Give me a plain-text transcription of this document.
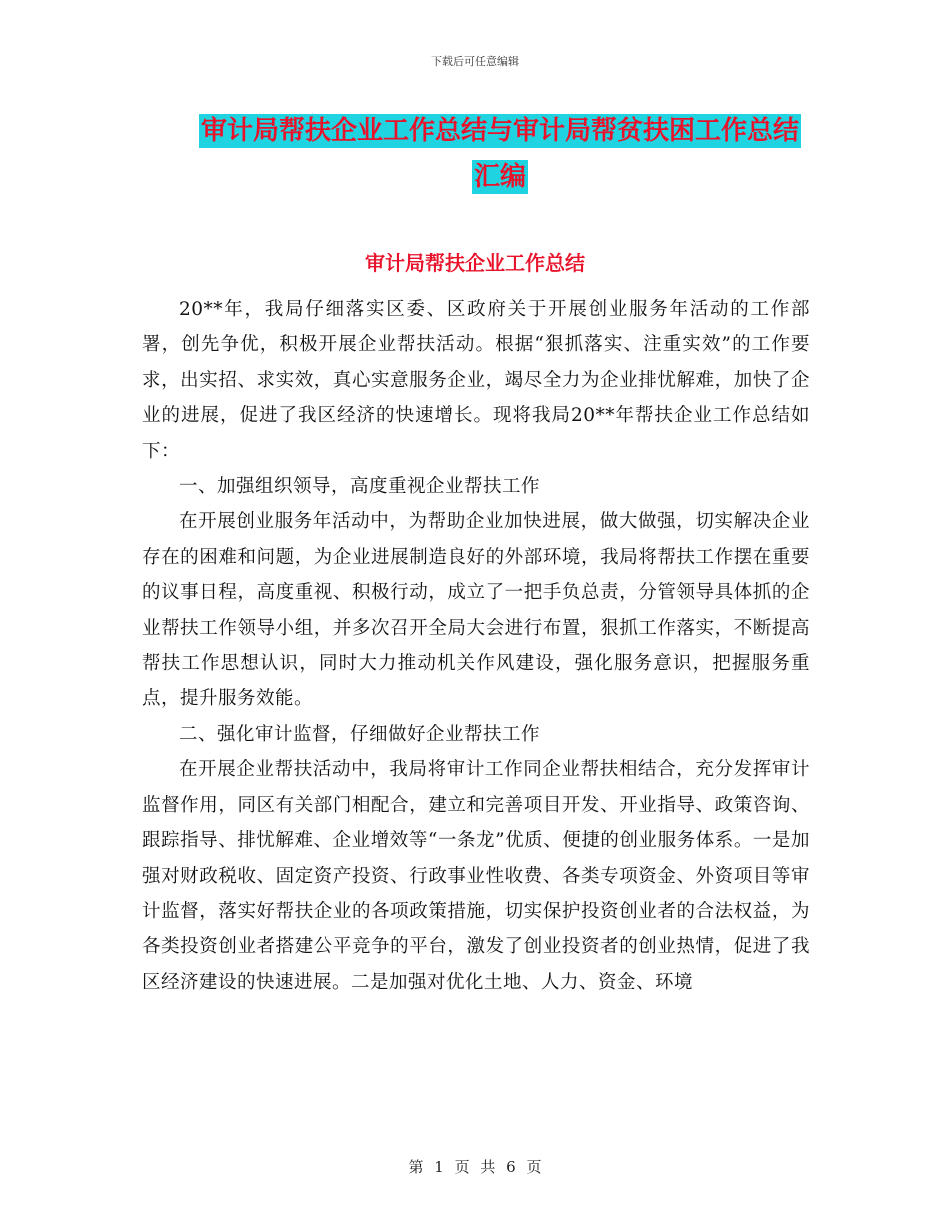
下载后可任意编辑
审计局帮扶企业工作总结与审计局帮贫扶困工作总结
汇编
审计局帮扶企业工作总结

20**年，我局仔细落实区委、区政府关于开展创业服务年活动的工作部署，创先争优，积极开展企业帮扶活动。根据“狠抓落实、注重实效”的工作要求，出实招、求实效，真心实意服务企业，竭尽全力为企业排忧解难，加快了企业的进展，促进了我区经济的快速增长。现将我局20**年帮扶企业工作总结如下：

一、加强组织领导，高度重视企业帮扶工作

在开展创业服务年活动中，为帮助企业加快进展，做大做强，切实解决企业存在的困难和问题，为企业进展制造良好的外部环境，我局将帮扶工作摆在重要的议事日程，高度重视、积极行动，成立了一把手负总责，分管领导具体抓的企业帮扶工作领导小组，并多次召开全局大会进行布置，狠抓工作落实，不断提高帮扶工作思想认识，同时大力推动机关作风建设，强化服务意识，把握服务重点，提升服务效能。

二、强化审计监督，仔细做好企业帮扶工作

在开展企业帮扶活动中，我局将审计工作同企业帮扶相结合，充分发挥审计监督作用，同区有关部门相配合，建立和完善项目开发、开业指导、政策咨询、跟踪指导、排忧解难、企业增效等“一条龙”优质、便捷的创业服务体系。一是加强对财政税收、固定资产投资、行政事业性收费、各类专项资金、外资项目等审计监督，落实好帮扶企业的各项政策措施，切实保护投资创业者的合法权益，为各类投资创业者搭建公平竞争的平台，激发了创业投资者的创业热情，促进了我区经济建设的快速进展。二是加强对优化土地、人力、资金、环境

第 1 页 共 6 页
